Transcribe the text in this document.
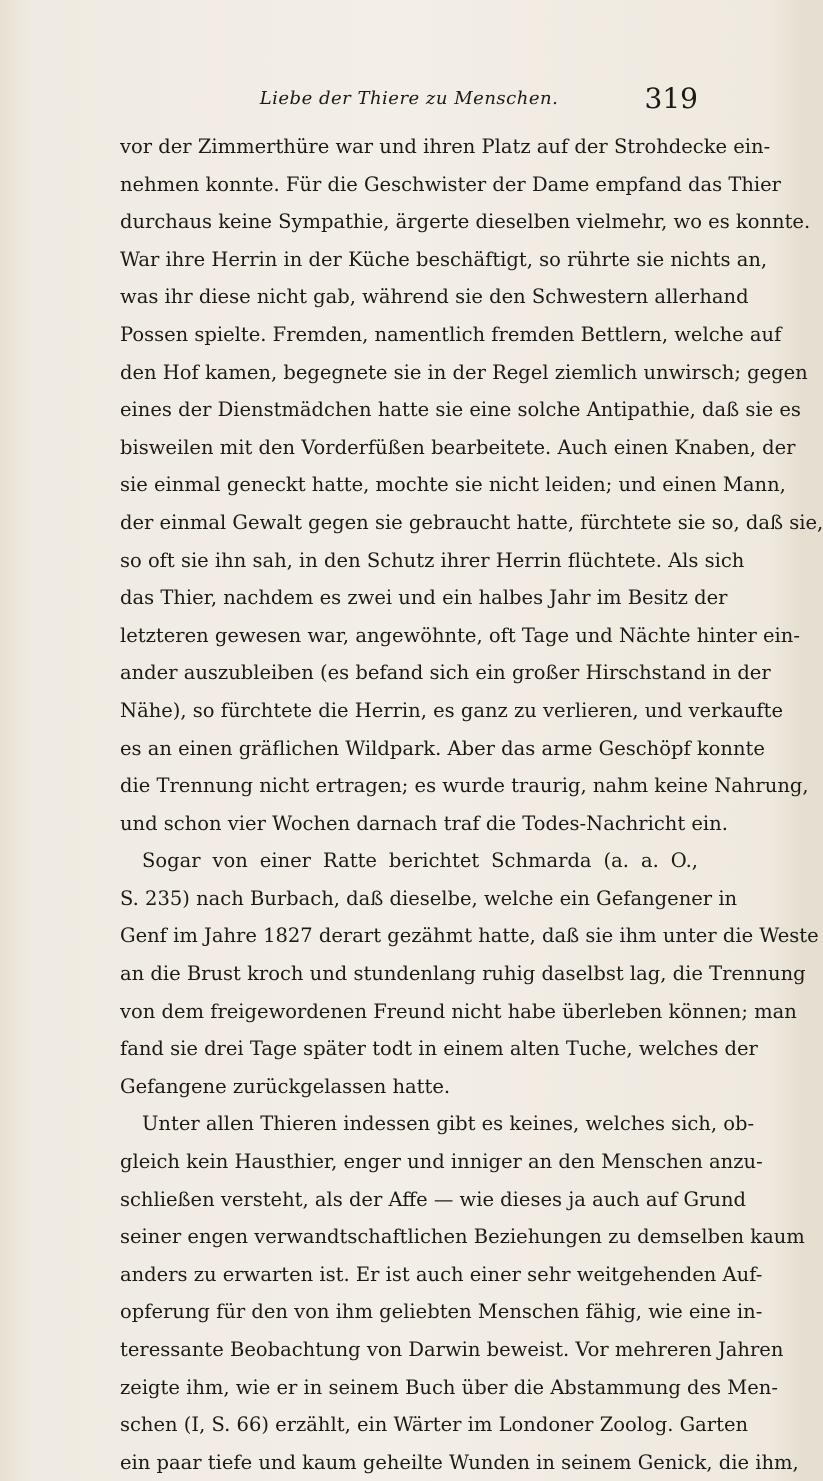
Liebe der Thiere zu Menschen.	319
vor der Zimmerthüre war und ihren Platz auf der Strohdecke ein-
nehmen konnte. Für die Geschwister der Dame empfand das Thier
durchaus keine Sympathie, ärgerte dieselben vielmehr, wo es konnte.
War ihre Herrin in der Küche beschäftigt, so rührte sie nichts an,
was ihr diese nicht gab, während sie den Schwestern allerhand
Possen spielte. Fremden, namentlich fremden Bettlern, welche auf
den Hof kamen, begegnete sie in der Regel ziemlich unwirsch; gegen
eines der Dienstmädchen hatte sie eine solche Antipathie, daß sie es
bisweilen mit den Vorderfüßen bearbeitete. Auch einen Knaben, der
sie einmal geneckt hatte, mochte sie nicht leiden; und einen Mann,
der einmal Gewalt gegen sie gebraucht hatte, fürchtete sie so, daß sie,
so oft sie ihn sah, in den Schutz ihrer Herrin flüchtete. Als sich
das Thier, nachdem es zwei und ein halbes Jahr im Besitz der
letzteren gewesen war, angewöhnte, oft Tage und Nächte hinter ein-
ander auszubleiben (es befand sich ein großer Hirschstand in der
Nähe), so fürchtete die Herrin, es ganz zu verlieren, und verkaufte
es an einen gräflichen Wildpark. Aber das arme Geschöpf konnte
die Trennung nicht ertragen; es wurde traurig, nahm keine Nahrung,
und schon vier Wochen darnach traf die Todes-Nachricht ein.
Sogar von einer Ratte berichtet Schmarda (a. a. O.,
S. 235) nach Burbach, daß dieselbe, welche ein Gefangener in
Genf im Jahre 1827 derart gezähmt hatte, daß sie ihm unter die Weste
an die Brust kroch und stundenlang ruhig daselbst lag, die Trennung
von dem freigewordenen Freund nicht habe überleben können; man
fand sie drei Tage später todt in einem alten Tuche, welches der
Gefangene zurückgelassen hatte.
Unter allen Thieren indessen gibt es keines, welches sich, ob-
gleich kein Hausthier, enger und inniger an den Menschen anzu-
schließen versteht, als der Affe — wie dieses ja auch auf Grund
seiner engen verwandtschaftlichen Beziehungen zu demselben kaum
anders zu erwarten ist. Er ist auch einer sehr weitgehenden Auf-
opferung für den von ihm geliebten Menschen fähig, wie eine in-
teressante Beobachtung von Darwin beweist. Vor mehreren Jahren
zeigte ihm, wie er in seinem Buch über die Abstammung des Men-
schen (I, S. 66) erzählt, ein Wärter im Londoner Zoolog. Garten
ein paar tiefe und kaum geheilte Wunden in seinem Genick, die ihm,
